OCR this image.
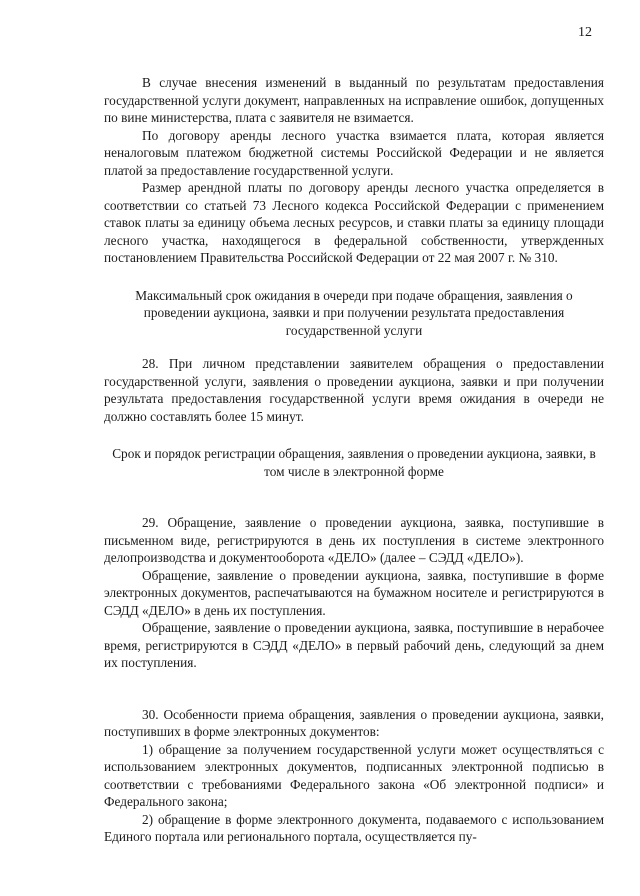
12

В случае внесения изменений в выданный по результатам предоставления государственной услуги документ, направленных на исправление ошибок, допущенных по вине министерства, плата с заявителя не взимается.

По договору аренды лесного участка взимается плата, которая является неналоговым платежом бюджетной системы Российской Федерации и не является платой за предоставление государственной услуги.

Размер арендной платы по договору аренды лесного участка определяется в соответствии со статьей 73 Лесного кодекса Российской Федерации с применением ставок платы за единицу объема лесных ресурсов, и ставки платы за единицу площади лесного участка, находящегося в федеральной собственности, утвержденных постановлением Правительства Российской Федерации от 22 мая 2007 г. № 310.

Максимальный срок ожидания в очереди при подаче обращения, заявления о проведении аукциона, заявки и при получении результата предоставления государственной услуги

28. При личном представлении заявителем обращения о предоставлении государственной услуги, заявления о проведении аукциона, заявки и при получении результата предоставления государственной услуги время ожидания в очереди не должно составлять более 15 минут.

Срок и порядок регистрации обращения, заявления о проведении аукциона, заявки, в том числе в электронной форме

29. Обращение, заявление о проведении аукциона, заявка, поступившие в письменном виде, регистрируются в день их поступления в системе электронного делопроизводства и документооборота «ДЕЛО» (далее – СЭДД «ДЕЛО»).

Обращение, заявление о проведении аукциона, заявка, поступившие в форме электронных документов, распечатываются на бумажном носителе и регистрируются в СЭДД «ДЕЛО» в день их поступления.

Обращение, заявление о проведении аукциона, заявка, поступившие в нерабочее время, регистрируются в СЭДД «ДЕЛО» в первый рабочий день, следующий за днем их поступления.

30. Особенности приема обращения, заявления о проведении аукциона, заявки, поступивших в форме электронных документов:

1) обращение за получением государственной услуги может осуществляться с использованием электронных документов, подписанных электронной подписью в соответствии с требованиями Федерального закона «Об электронной подписи» и Федерального закона;

2) обращение в форме электронного документа, подаваемого с использованием Единого портала или регионального портала, осуществляется пу-
